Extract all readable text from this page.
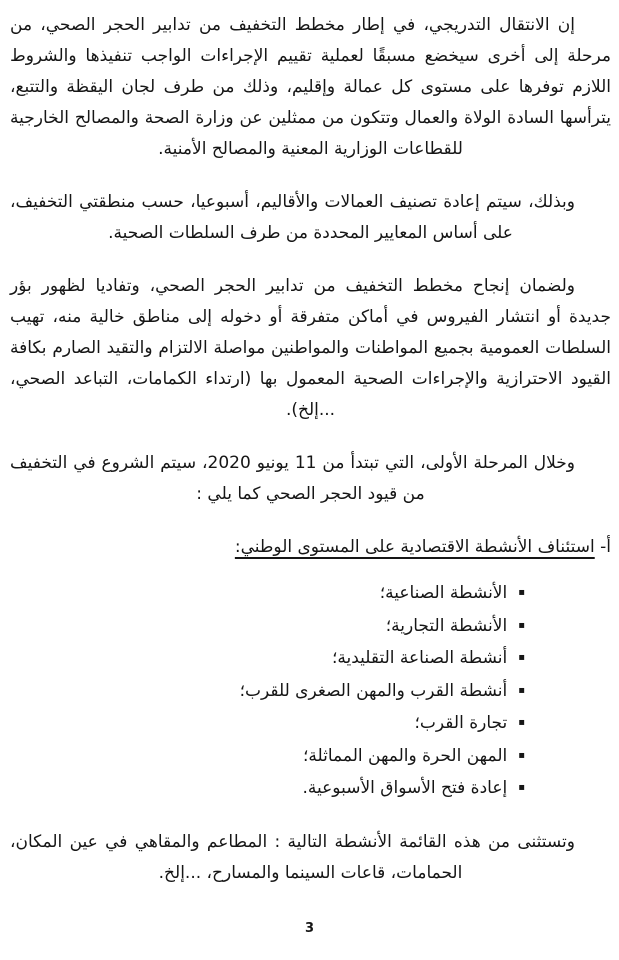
إن الانتقال التدريجي، في إطار مخطط التخفيف من تدابير الحجر الصحي، من مرحلة إلى أخرى سيخضع مسبقًا لعملية تقييم الإجراءات الواجب تنفيذها والشروط اللازم توفرها على مستوى كل عمالة وإقليم، وذلك من طرف لجان اليقظة والتتبع، يترأسها السادة الولاة والعمال وتتكون من ممثلين عن وزارة الصحة والمصالح الخارجية للقطاعات الوزارية المعنية والمصالح الأمنية.

وبذلك، سيتم إعادة تصنيف العمالات والأقاليم، أسبوعيا، حسب منطقتي التخفيف، على أساس المعايير المحددة من طرف السلطات الصحية.

ولضمان إنجاح مخطط التخفيف من تدابير الحجر الصحي، وتفاديا لظهور بؤر جديدة أو انتشار الفيروس في أماكن متفرقة أو دخوله إلى مناطق خالية منه، تهيب السلطات العمومية بجميع المواطنات والمواطنين مواصلة الالتزام والتقيد الصارم بكافة القيود الاحترازية والإجراءات الصحية المعمول بها (ارتداء الكمامات، التباعد الصحي، ...إلخ).

وخلال المرحلة الأولى، التي تبتدأ من 11 يونيو 2020، سيتم الشروع في التخفيف من قيود الحجر الصحي كما يلي :

أ- استئناف الأنشطة الاقتصادية على المستوى الوطني:
▪الأنشطة الصناعية؛
▪الأنشطة التجارية؛
▪أنشطة الصناعة التقليدية؛
▪أنشطة القرب والمهن الصغرى للقرب؛
▪تجارة القرب؛
▪المهن الحرة والمهن المماثلة؛
▪إعادة فتح الأسواق الأسبوعية.

وتستثنى من هذه القائمة الأنشطة التالية : المطاعم والمقاهي في عين المكان، الحمامات، قاعات السينما والمسارح، ...إلخ.

3
